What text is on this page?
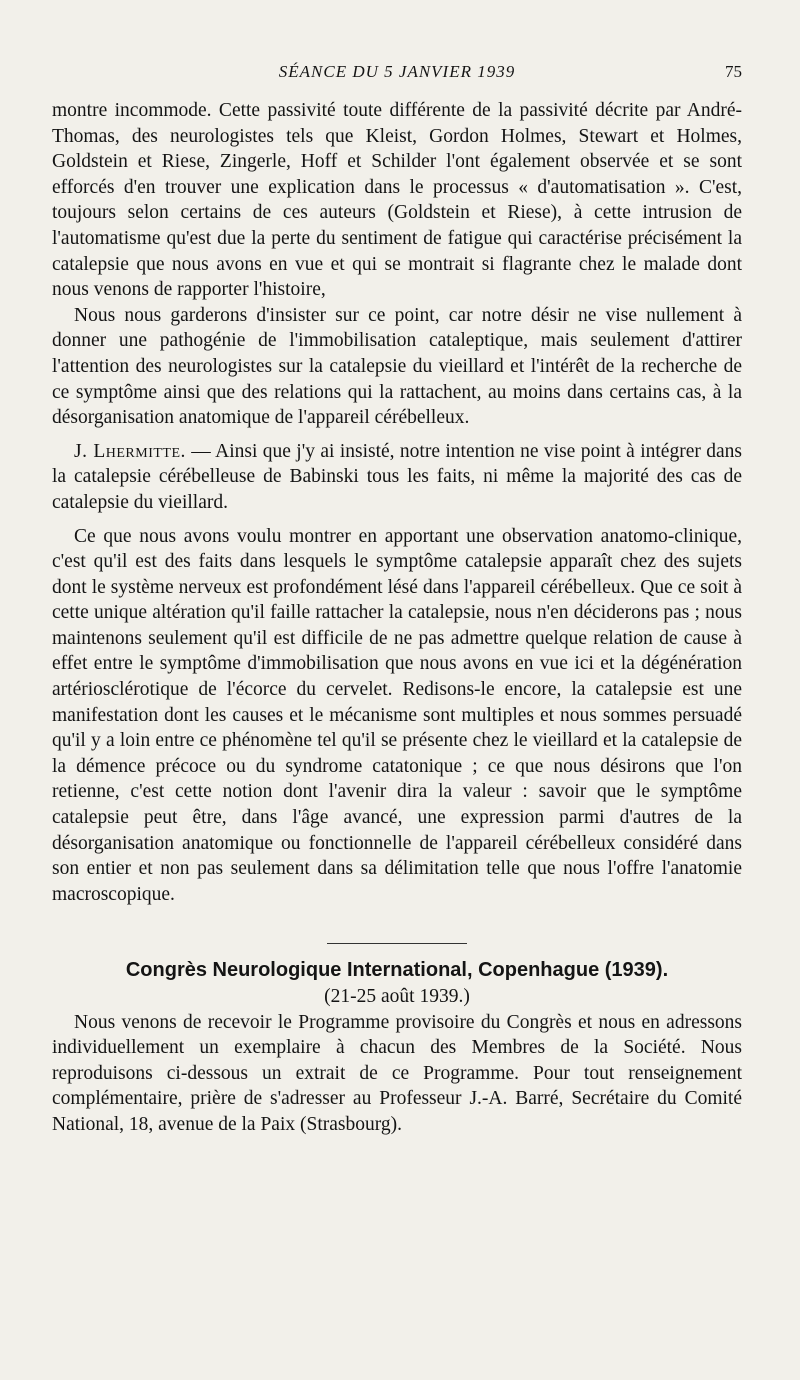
SÉANCE DU 5 JANVIER 1939	75

montre incommode. Cette passivité toute différente de la passivité décrite par André-Thomas, des neurologistes tels que Kleist, Gordon Holmes, Stewart et Holmes, Goldstein et Riese, Zingerle, Hoff et Schilder l'ont également observée et se sont efforcés d'en trouver une explication dans le processus « d'automatisation ». C'est, toujours selon certains de ces auteurs (Goldstein et Riese), à cette intrusion de l'automatisme qu'est due la perte du sentiment de fatigue qui caractérise précisément la catalepsie que nous avons en vue et qui se montrait si flagrante chez le malade dont nous venons de rapporter l'histoire,

Nous nous garderons d'insister sur ce point, car notre désir ne vise nullement à donner une pathogénie de l'immobilisation cataleptique, mais seulement d'attirer l'attention des neurologistes sur la catalepsie du vieillard et l'intérêt de la recherche de ce symptôme ainsi que des relations qui la rattachent, au moins dans certains cas, à la désorganisation anatomique de l'appareil cérébelleux.

J. Lhermitte. — Ainsi que j'y ai insisté, notre intention ne vise point à intégrer dans la catalepsie cérébelleuse de Babinski tous les faits, ni même la majorité des cas de catalepsie du vieillard.

Ce que nous avons voulu montrer en apportant une observation anatomo-clinique, c'est qu'il est des faits dans lesquels le symptôme catalepsie apparaît chez des sujets dont le système nerveux est profondément lésé dans l'appareil cérébelleux. Que ce soit à cette unique altération qu'il faille rattacher la catalepsie, nous n'en déciderons pas ; nous maintenons seulement qu'il est difficile de ne pas admettre quelque relation de cause à effet entre le symptôme d'immobilisation que nous avons en vue ici et la dégénération artériosclérotique de l'écorce du cervelet. Redisons-le encore, la catalepsie est une manifestation dont les causes et le mécanisme sont multiples et nous sommes persuadé qu'il y a loin entre ce phénomène tel qu'il se présente chez le vieillard et la catalepsie de la démence précoce ou du syndrome catatonique ; ce que nous désirons que l'on retienne, c'est cette notion dont l'avenir dira la valeur : savoir que le symptôme catalepsie peut être, dans l'âge avancé, une expression parmi d'autres de la désorganisation anatomique ou fonctionnelle de l'appareil cérébelleux considéré dans son entier et non pas seulement dans sa délimitation telle que nous l'offre l'anatomie macroscopique.

Congrès Neurologique International, Copenhague (1939).

(21-25 août 1939.)

Nous venons de recevoir le Programme provisoire du Congrès et nous en adressons individuellement un exemplaire à chacun des Membres de la Société. Nous reproduisons ci-dessous un extrait de ce Programme. Pour tout renseignement complémentaire, prière de s'adresser au Professeur J.-A. Barré, Secrétaire du Comité National, 18, avenue de la Paix (Strasbourg).
